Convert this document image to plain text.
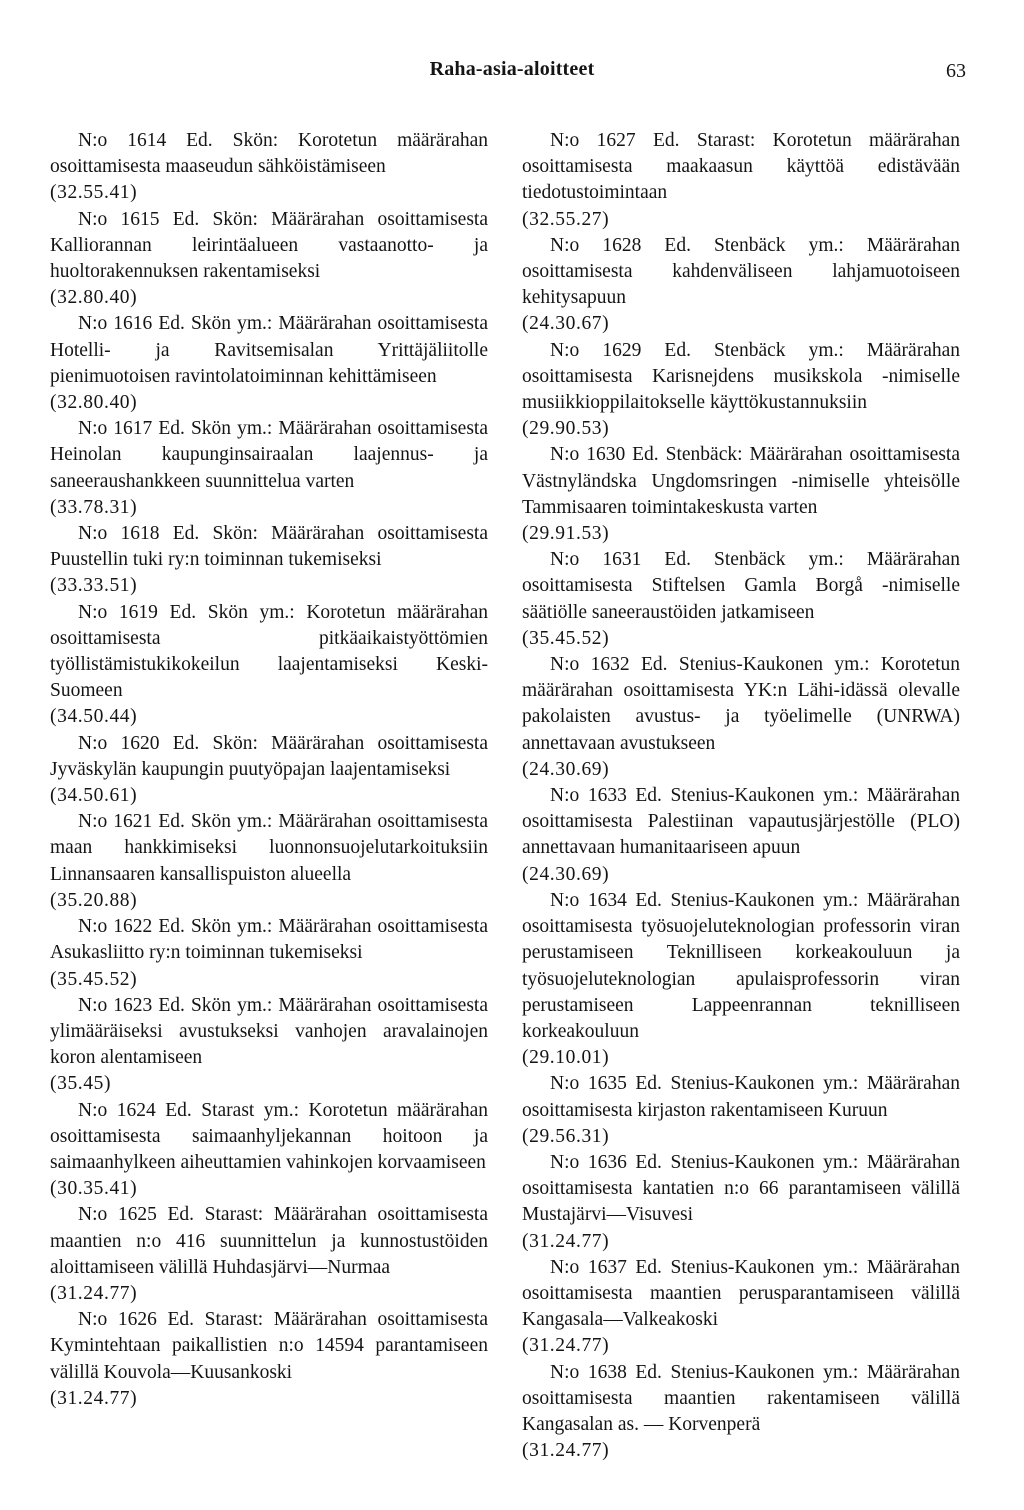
Raha-asia-aloitteet	63

N:o 1614 Ed. Skön: Korotetun määrärahan osoittamisesta maaseudun sähköistämiseen

(32.55.41)

N:o 1615 Ed. Skön: Määrärahan osoittamisesta Kalliorannan leirintäalueen vastaanotto- ja huoltorakennuksen rakentamiseksi

(32.80.40)

N:o 1616 Ed. Skön ym.: Määrärahan osoittamisesta Hotelli- ja Ravitsemisalan Yrittäjäliitolle pienimuotoisen ravintolatoiminnan kehittämiseen

(32.80.40)

N:o 1617 Ed. Skön ym.: Määrärahan osoittamisesta Heinolan kaupunginsairaalan laajennus- ja saneeraushankkeen suunnittelua varten

(33.78.31)

N:o 1618 Ed. Skön: Määrärahan osoittamisesta Puustellin tuki ry:n toiminnan tukemiseksi

(33.33.51)

N:o 1619 Ed. Skön ym.: Korotetun määrärahan osoittamisesta pitkäaikaistyöttömien työllistämistukikokeilun laajentamiseksi Keski-Suomeen

(34.50.44)

N:o 1620 Ed. Skön: Määrärahan osoittamisesta Jyväskylän kaupungin puutyöpajan laajentamiseksi

(34.50.61)

N:o 1621 Ed. Skön ym.: Määrärahan osoittamisesta maan hankkimiseksi luonnonsuojelutarkoituksiin Linnansaaren kansallispuiston alueella

(35.20.88)

N:o 1622 Ed. Skön ym.: Määrärahan osoittamisesta Asukasliitto ry:n toiminnan tukemiseksi

(35.45.52)

N:o 1623 Ed. Skön ym.: Määrärahan osoittamisesta ylimääräiseksi avustukseksi vanhojen aravalainojen koron alentamiseen

(35.45)

N:o 1624 Ed. Starast ym.: Korotetun määrärahan osoittamisesta saimaanhyljekannan hoitoon ja saimaanhylkeen aiheuttamien vahinkojen korvaamiseen

(30.35.41)

N:o 1625 Ed. Starast: Määrärahan osoittamisesta maantien n:o 416 suunnittelun ja kunnostustöiden aloittamiseen välillä Huhdasjärvi—Nurmaa

(31.24.77)

N:o 1626 Ed. Starast: Määrärahan osoittamisesta Kymintehtaan paikallistien n:o 14594 parantamiseen välillä Kouvola—Kuusankoski

(31.24.77)

N:o 1627 Ed. Starast: Korotetun määrärahan osoittamisesta maakaasun käyttöä edistävään tiedotustoimintaan

(32.55.27)

N:o 1628 Ed. Stenbäck ym.: Määrärahan osoittamisesta kahdenväliseen lahjamuotoiseen kehitysapuun

(24.30.67)

N:o 1629 Ed. Stenbäck ym.: Määrärahan osoittamisesta Karisnejdens musikskola -nimiselle musiikkioppilaitokselle käyttökustannuksiin

(29.90.53)

N:o 1630 Ed. Stenbäck: Määrärahan osoittamisesta Västnyländska Ungdomsringen -nimiselle yhteisölle Tammisaaren toimintakeskusta varten

(29.91.53)

N:o 1631 Ed. Stenbäck ym.: Määrärahan osoittamisesta Stiftelsen Gamla Borgå -nimiselle säätiölle saneeraustöiden jatkamiseen

(35.45.52)

N:o 1632 Ed. Stenius-Kaukonen ym.: Korotetun määrärahan osoittamisesta YK:n Lähi-idässä olevalle pakolaisten avustus- ja työelimelle (UNRWA) annettavaan avustukseen

(24.30.69)

N:o 1633 Ed. Stenius-Kaukonen ym.: Määrärahan osoittamisesta Palestiinan vapautusjärjestölle (PLO) annettavaan humanitaariseen apuun

(24.30.69)

N:o 1634 Ed. Stenius-Kaukonen ym.: Määrärahan osoittamisesta työsuojeluteknologian professorin viran perustamiseen Teknilliseen korkeakouluun ja työsuojeluteknologian apulaisprofessorin viran perustamiseen Lappeenrannan teknilliseen korkeakouluun

(29.10.01)

N:o 1635 Ed. Stenius-Kaukonen ym.: Määrärahan osoittamisesta kirjaston rakentamiseen Kuruun

(29.56.31)

N:o 1636 Ed. Stenius-Kaukonen ym.: Määrärahan osoittamisesta kantatien n:o 66 parantamiseen välillä Mustajärvi—Visuvesi

(31.24.77)

N:o 1637 Ed. Stenius-Kaukonen ym.: Määrärahan osoittamisesta maantien perusparantamiseen välillä Kangasala—Valkeakoski

(31.24.77)

N:o 1638 Ed. Stenius-Kaukonen ym.: Määrärahan osoittamisesta maantien rakentamiseen välillä Kangasalan as. — Korvenperä

(31.24.77)
